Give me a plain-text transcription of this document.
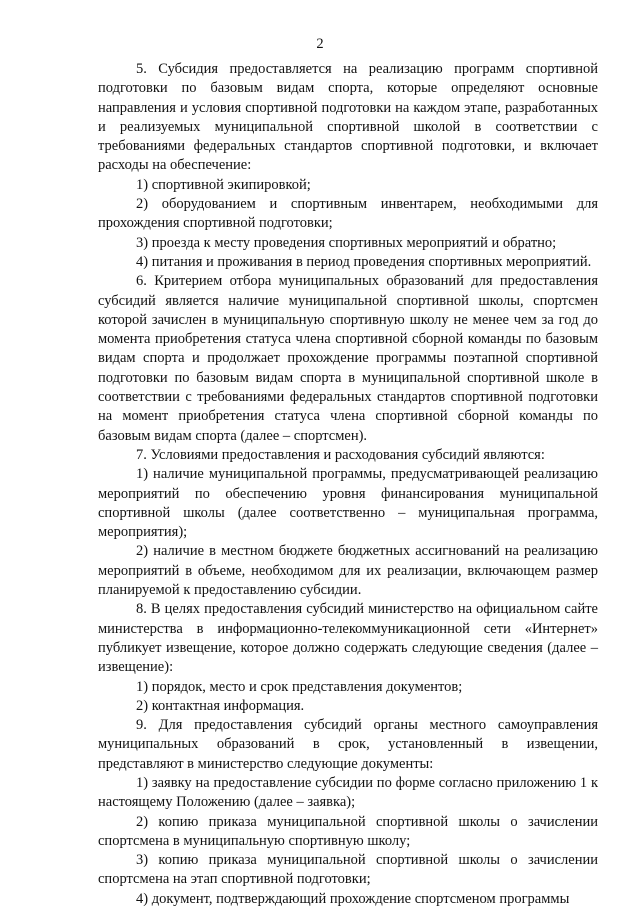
2

5. Субсидия предоставляется на реализацию программ спортивной подготовки по базовым видам спорта, которые определяют основные направления и условия спортивной подготовки на каждом этапе, разработанных и реализуемых муниципальной спортивной школой в соответствии с требованиями федеральных стандартов спортивной подготовки, и включает расходы на обеспечение:

1) спортивной экипировкой;

2) оборудованием и спортивным инвентарем, необходимыми для прохождения спортивной подготовки;

3) проезда к месту проведения спортивных мероприятий и обратно;

4) питания и проживания в период проведения спортивных мероприятий.

6. Критерием отбора муниципальных образований для предоставления субсидий является наличие муниципальной спортивной школы, спортсмен которой зачислен в муниципальную спортивную школу не менее чем за год до момента приобретения статуса члена спортивной сборной команды по базовым видам спорта и продолжает прохождение программы поэтапной спортивной подготовки по базовым видам спорта в муниципальной спортивной школе в соответствии с требованиями федеральных стандартов спортивной подготовки на момент приобретения статуса члена спортивной сборной команды по базовым видам спорта (далее – спортсмен).

7. Условиями предоставления и расходования субсидий являются:

1) наличие муниципальной программы, предусматривающей реализацию мероприятий по обеспечению уровня финансирования муниципальной спортивной школы (далее соответственно – муниципальная программа, мероприятия);

2) наличие в местном бюджете бюджетных ассигнований на реализацию мероприятий в объеме, необходимом для их реализации, включающем размер планируемой к предоставлению субсидии.

8. В целях предоставления субсидий министерство на официальном сайте министерства в информационно-телекоммуникационной сети «Интернет» публикует извещение, которое должно содержать следующие сведения (далее – извещение):

1) порядок, место и срок представления документов;

2) контактная информация.

9. Для предоставления субсидий органы местного самоуправления муниципальных образований в срок, установленный в извещении, представляют в министерство следующие документы:

1) заявку на предоставление субсидии по форме согласно приложению 1 к настоящему Положению (далее – заявка);

2) копию приказа муниципальной спортивной школы о зачислении спортсмена в муниципальную спортивную школу;

3) копию приказа муниципальной спортивной школы о зачислении спортсмена на этап спортивной подготовки;

4) документ, подтверждающий прохождение спортсменом программы
